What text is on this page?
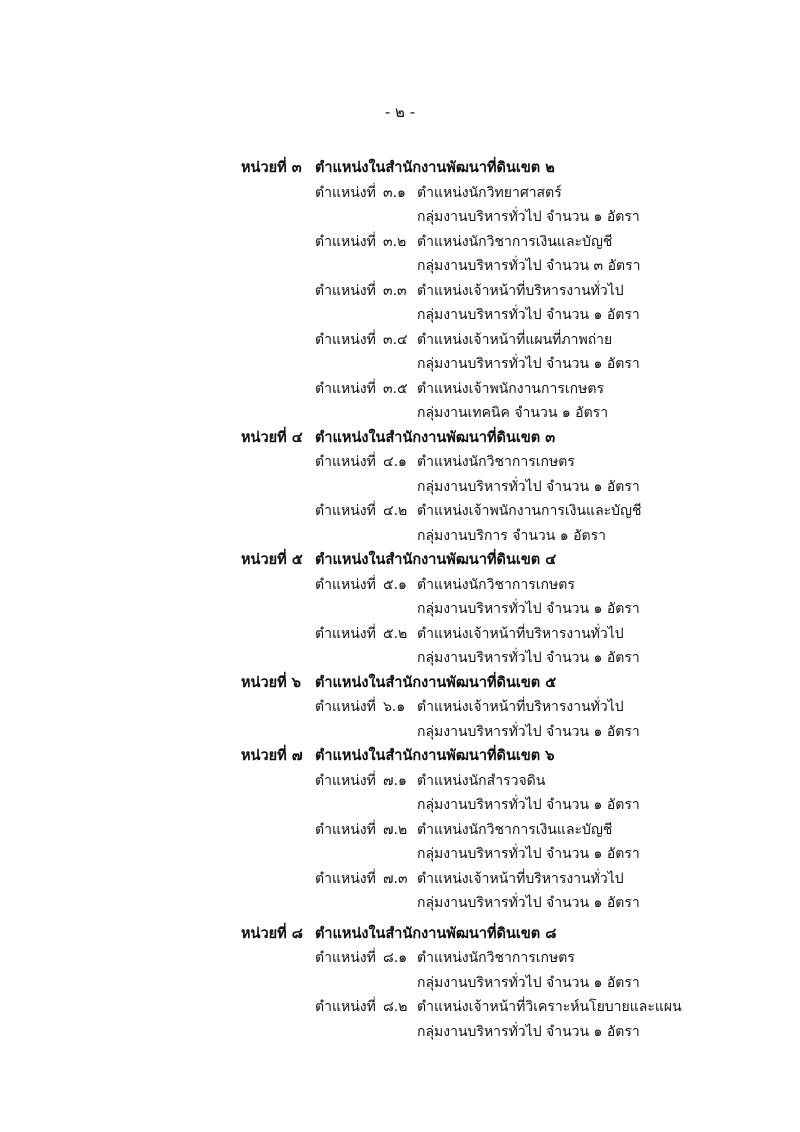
- ๒ -
หน่วยที่ ๓ ตำแหน่งในสำนักงานพัฒนาที่ดินเขต ๒
ตำแหน่งที่ ๓.๑ ตำแหน่งนักวิทยาศาสตร์
กลุ่มงานบริหารทั่วไป จำนวน ๑ อัตรา
ตำแหน่งที่ ๓.๒ ตำแหน่งนักวิชาการเงินและบัญชี
กลุ่มงานบริหารทั่วไป จำนวน ๓ อัตรา
ตำแหน่งที่ ๓.๓ ตำแหน่งเจ้าหน้าที่บริหารงานทั่วไป
กลุ่มงานบริหารทั่วไป จำนวน ๑ อัตรา
ตำแหน่งที่ ๓.๔ ตำแหน่งเจ้าหน้าที่แผนที่ภาพถ่าย
กลุ่มงานบริหารทั่วไป จำนวน ๑ อัตรา
ตำแหน่งที่ ๓.๕ ตำแหน่งเจ้าพนักงานการเกษตร
กลุ่มงานเทคนิค จำนวน ๑ อัตรา
หน่วยที่ ๔ ตำแหน่งในสำนักงานพัฒนาที่ดินเขต ๓
ตำแหน่งที่ ๔.๑ ตำแหน่งนักวิชาการเกษตร
กลุ่มงานบริหารทั่วไป จำนวน ๑ อัตรา
ตำแหน่งที่ ๔.๒ ตำแหน่งเจ้าพนักงานการเงินและบัญชี
กลุ่มงานบริการ จำนวน ๑ อัตรา
หน่วยที่ ๕ ตำแหน่งในสำนักงานพัฒนาที่ดินเขต ๔
ตำแหน่งที่ ๕.๑ ตำแหน่งนักวิชาการเกษตร
กลุ่มงานบริหารทั่วไป จำนวน ๑ อัตรา
ตำแหน่งที่ ๕.๒ ตำแหน่งเจ้าหน้าที่บริหารงานทั่วไป
กลุ่มงานบริหารทั่วไป จำนวน ๑ อัตรา
หน่วยที่ ๖ ตำแหน่งในสำนักงานพัฒนาที่ดินเขต ๕
ตำแหน่งที่ ๖.๑ ตำแหน่งเจ้าหน้าที่บริหารงานทั่วไป
กลุ่มงานบริหารทั่วไป จำนวน ๑ อัตรา
หน่วยที่ ๗ ตำแหน่งในสำนักงานพัฒนาที่ดินเขต ๖
ตำแหน่งที่ ๗.๑ ตำแหน่งนักสำรวจดิน
กลุ่มงานบริหารทั่วไป จำนวน ๑ อัตรา
ตำแหน่งที่ ๗.๒ ตำแหน่งนักวิชาการเงินและบัญชี
กลุ่มงานบริหารทั่วไป จำนวน ๑ อัตรา
ตำแหน่งที่ ๗.๓ ตำแหน่งเจ้าหน้าที่บริหารงานทั่วไป
กลุ่มงานบริหารทั่วไป จำนวน ๑ อัตรา
หน่วยที่ ๘ ตำแหน่งในสำนักงานพัฒนาที่ดินเขต ๘
ตำแหน่งที่ ๘.๑ ตำแหน่งนักวิชาการเกษตร
กลุ่มงานบริหารทั่วไป จำนวน ๑ อัตรา
ตำแหน่งที่ ๘.๒ ตำแหน่งเจ้าหน้าที่วิเคราะห์นโยบายและแผน
กลุ่มงานบริหารทั่วไป จำนวน ๑ อัตรา
